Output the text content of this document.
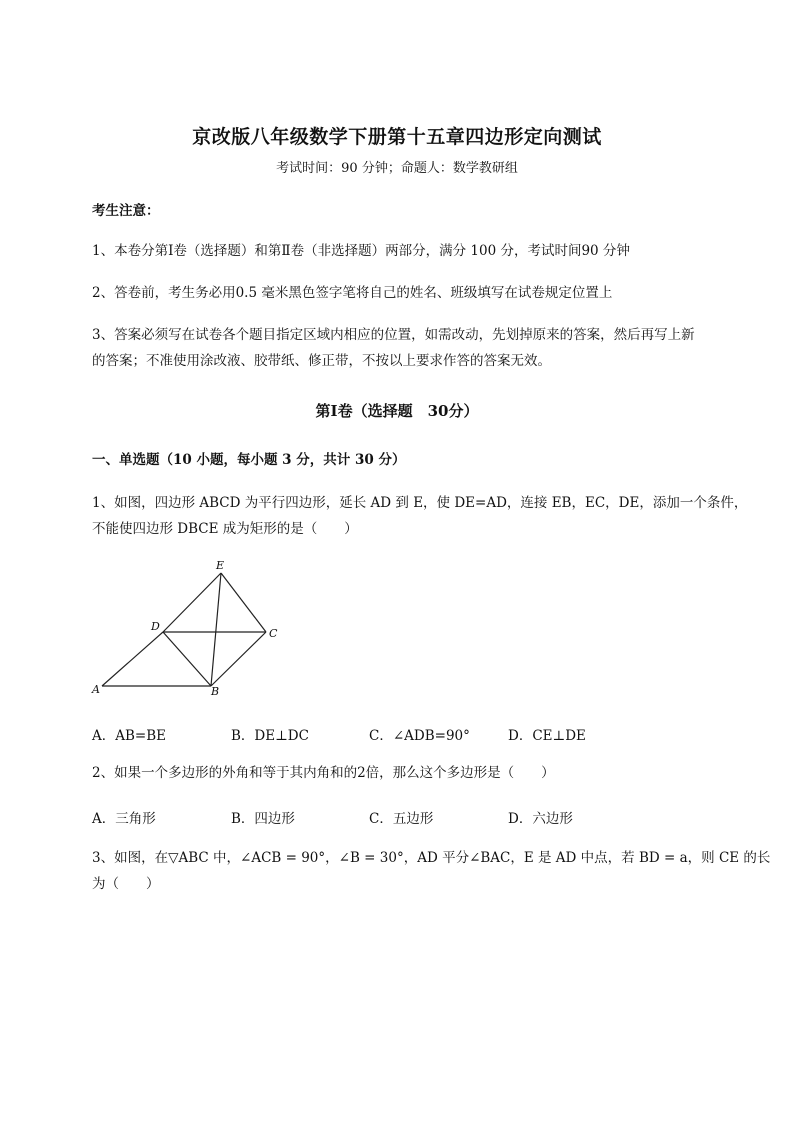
京改版八年级数学下册第十五章四边形定向测试
考试时间：90 分钟；命题人：数学教研组
考生注意：
1、本卷分第Ⅰ卷（选择题）和第Ⅱ卷（非选择题）两部分，满分 100 分，考试时间90 分钟
2、答卷前，考生务必用0.5 毫米黑色签字笔将自己的姓名、班级填写在试卷规定位置上
3、答案必须写在试卷各个题目指定区域内相应的位置，如需改动，先划掉原来的答案，然后再写上新
的答案；不准使用涂改液、胶带纸、修正带，不按以上要求作答的答案无效。
第Ⅰ卷（选择题　30分）
一、单选题（10 小题，每小题 3 分，共计 30 分）
1、如图，四边形 ABCD 为平行四边形，延长 AD 到 E，使 DE=AD，连接 EB，EC，DE，添加一个条件，
不能使四边形 DBCE 成为矩形的是（　　）
E
D
C
A	B
A．AB=BE	B．DE⊥DC	C．∠ADB=90°	D．CE⊥DE
2、如果一个多边形的外角和等于其内角和的2倍，那么这个多边形是（　　）
A．三角形	B．四边形	C．五边形	D．六边形
3、如图，在▽ABC 中，∠ACB = 90°，∠B = 30°，AD 平分∠BAC，E 是 AD 中点，若 BD = a，则 CE 的长
为（　　）
